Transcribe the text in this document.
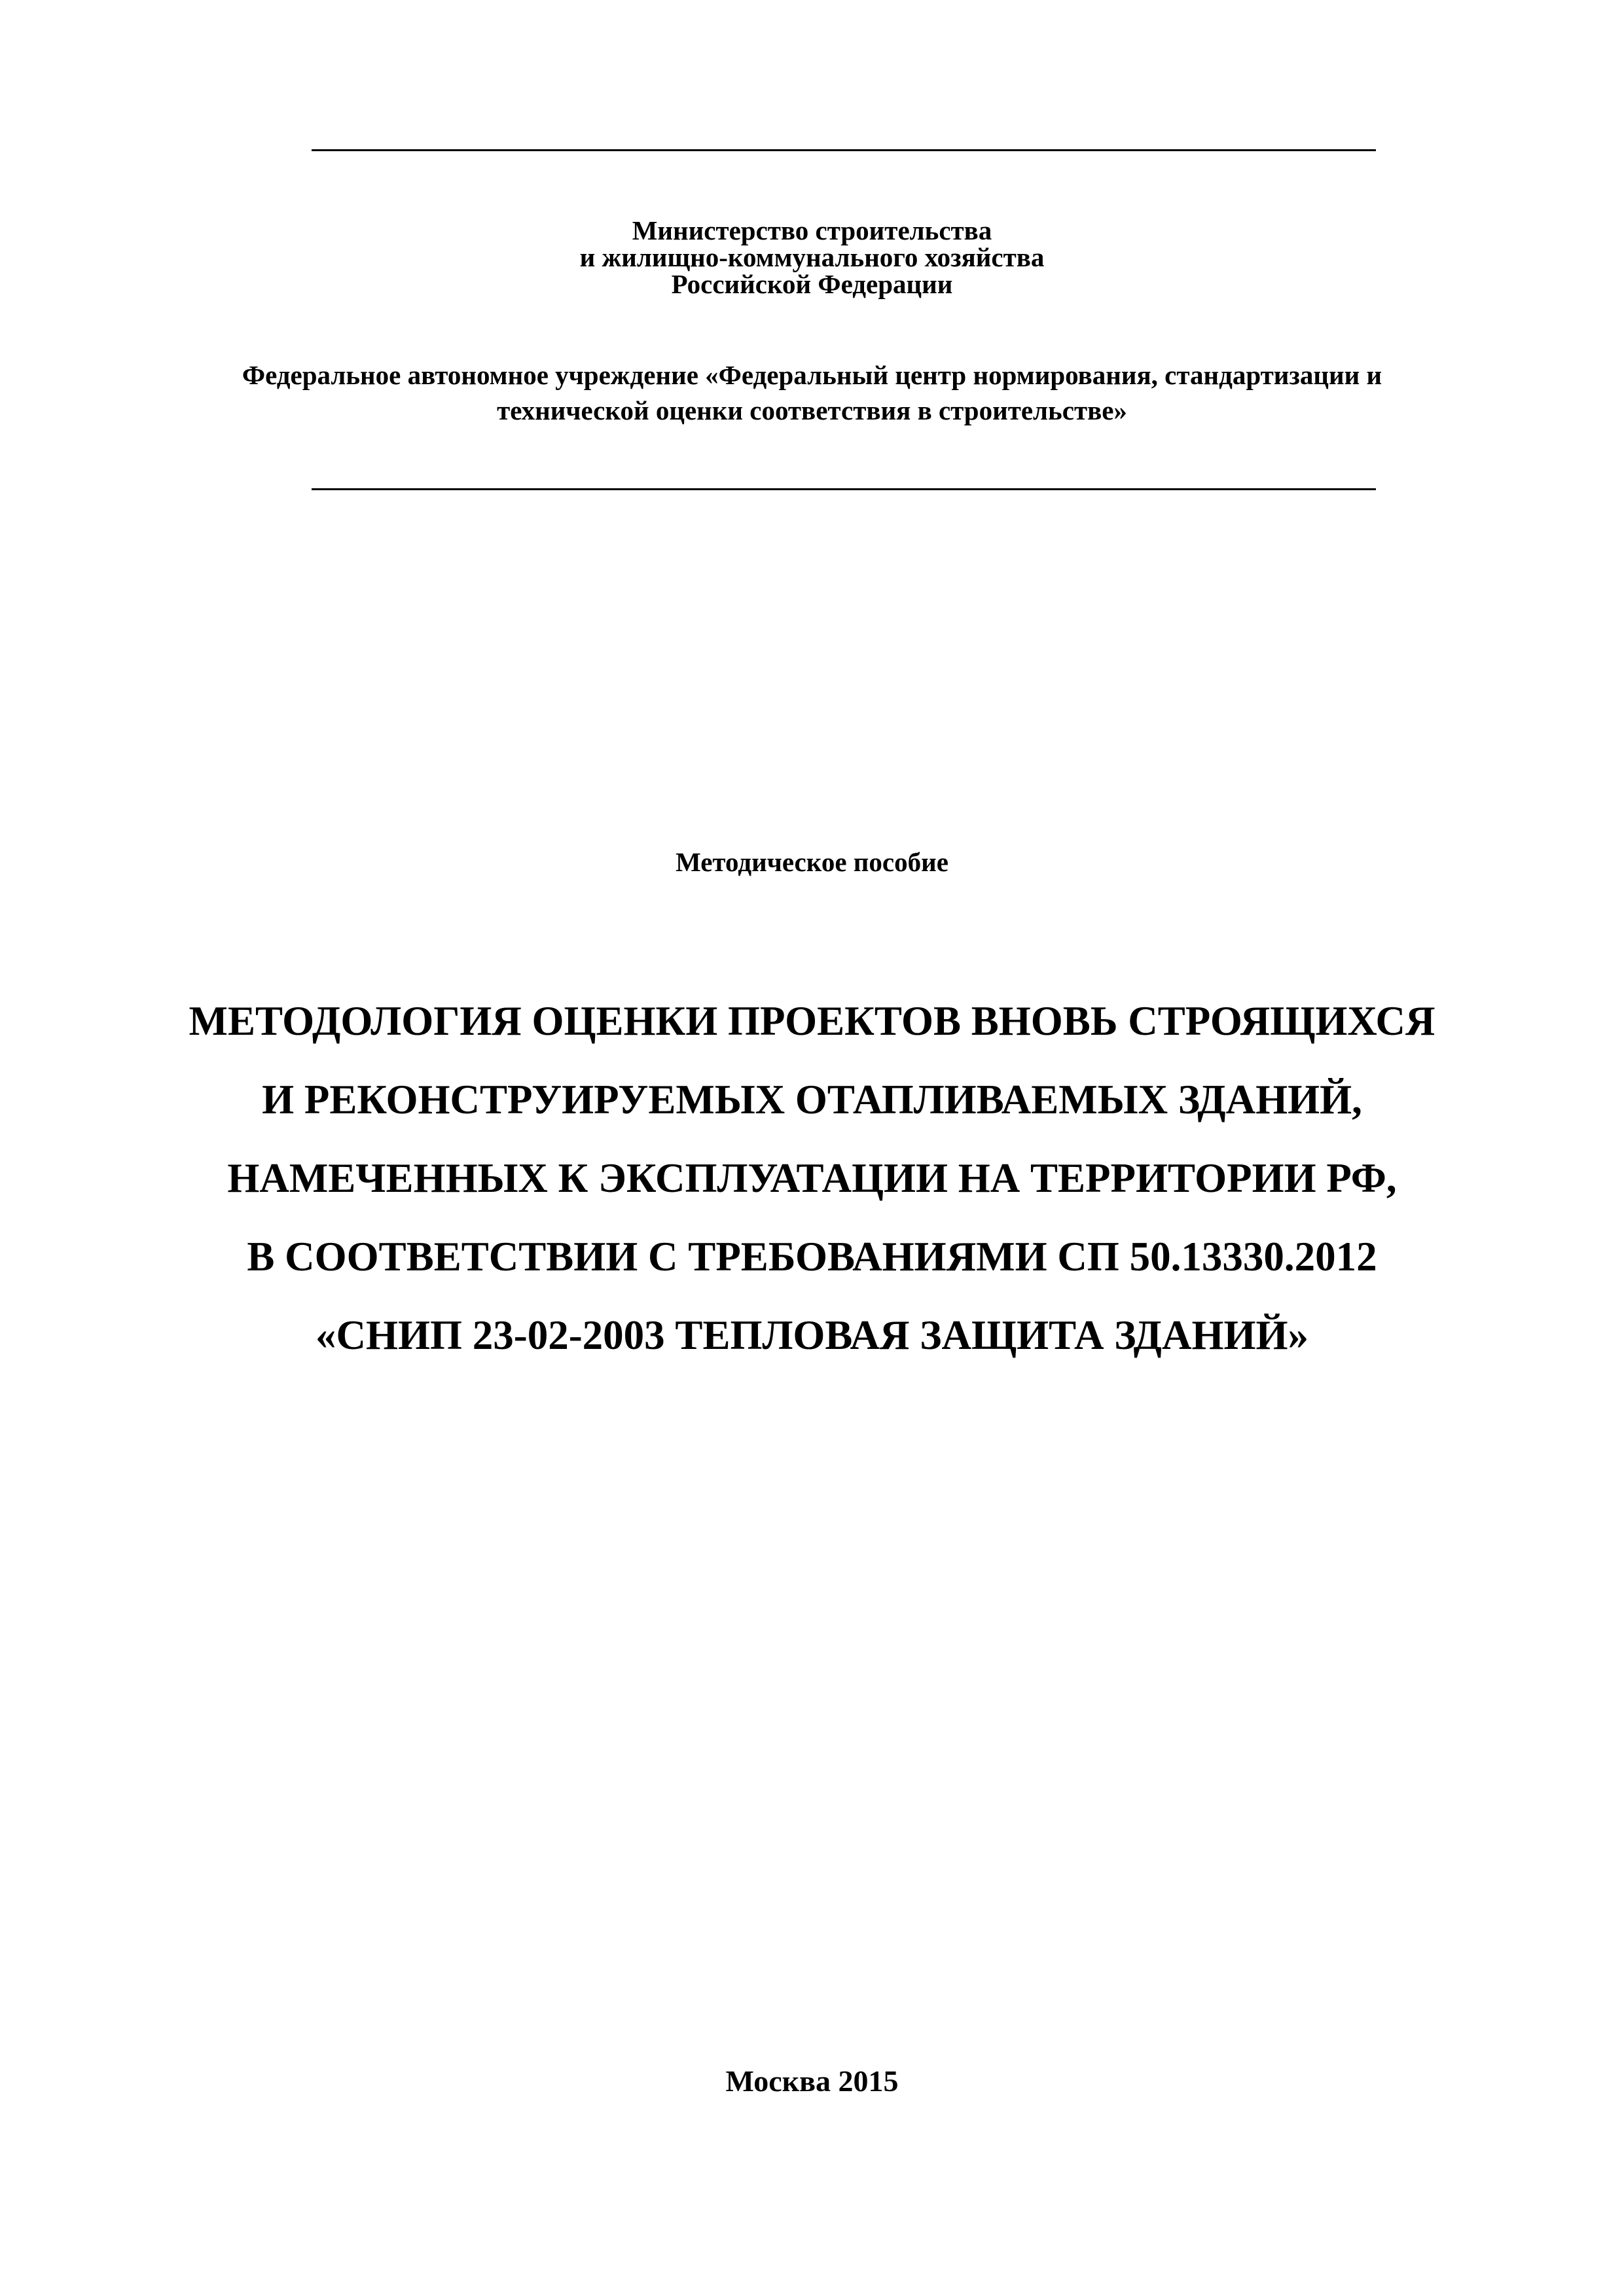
Министерство строительства
и жилищно-коммунального хозяйства
Российской Федерации
Федеральное автономное учреждение «Федеральный центр нормирования, стандартизации и
технической оценки соответствия в строительстве»
Методическое пособие
МЕТОДОЛОГИЯ ОЦЕНКИ ПРОЕКТОВ ВНОВЬ СТРОЯЩИХСЯ
И РЕКОНСТРУИРУЕМЫХ ОТАПЛИВАЕМЫХ ЗДАНИЙ,
НАМЕЧЕННЫХ К ЭКСПЛУАТАЦИИ НА ТЕРРИТОРИИ РФ,
В СООТВЕТСТВИИ С ТРЕБОВАНИЯМИ СП 50.13330.2012
«СНИП 23-02-2003 ТЕПЛОВАЯ ЗАЩИТА ЗДАНИЙ»
Москва 2015
